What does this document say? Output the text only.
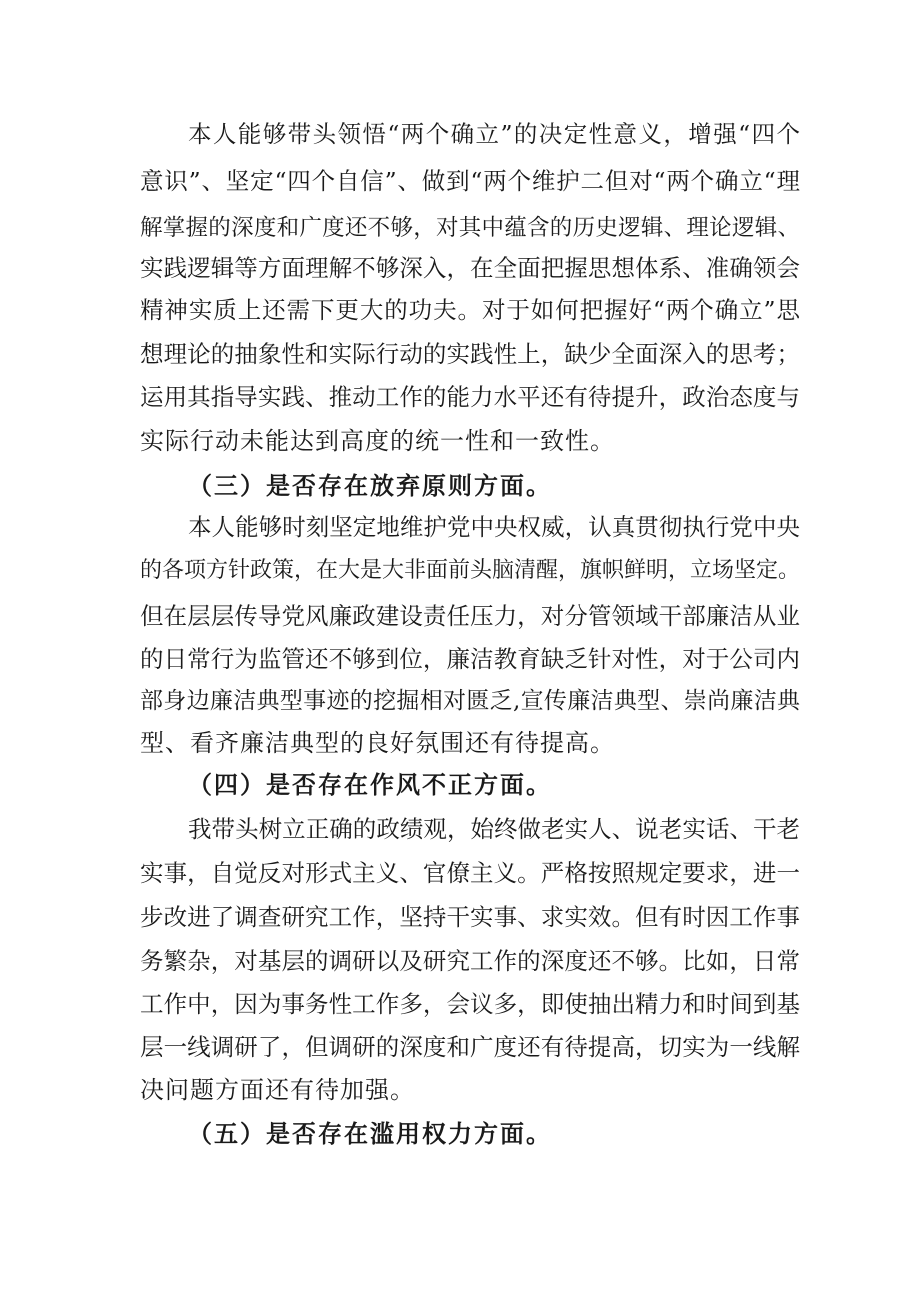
本人能够带头领悟“两个确立”的决定性意义，增强“四个
意识”、坚定“四个自信”、做到“两个维护二但对“两个确立“理
解掌握的深度和广度还不够，对其中蕴含的历史逻辑、理论逻辑、
实践逻辑等方面理解不够深入，在全面把握思想体系、准确领会
精神实质上还需下更大的功夫。对于如何把握好“两个确立”思
想理论的抽象性和实际行动的实践性上，缺少全面深入的思考；
运用其指导实践、推动工作的能力水平还有待提升，政治态度与
实际行动未能达到高度的统一性和一致性。
（三）是否存在放弃原则方面。
本人能够时刻坚定地维护党中央权威，认真贯彻执行党中央
的各项方针政策，在大是大非面前头脑清醒，旗帜鲜明，立场坚定。
但在层层传导党风廉政建设责任压力，对分管领域干部廉洁从业
的日常行为监管还不够到位，廉洁教育缺乏针对性，对于公司内
部身边廉洁典型事迹的挖掘相对匮乏,宣传廉洁典型、崇尚廉洁典
型、看齐廉洁典型的良好氛围还有待提高。
（四）是否存在作风不正方面。
我带头树立正确的政绩观，始终做老实人、说老实话、干老
实事，自觉反对形式主义、官僚主义。严格按照规定要求，进一
步改进了调查研究工作，坚持干实事、求实效。但有时因工作事
务繁杂，对基层的调研以及研究工作的深度还不够。比如，日常
工作中，因为事务性工作多，会议多，即使抽出精力和时间到基
层一线调研了，但调研的深度和广度还有待提高，切实为一线解
决问题方面还有待加强。
（五）是否存在滥用权力方面。
